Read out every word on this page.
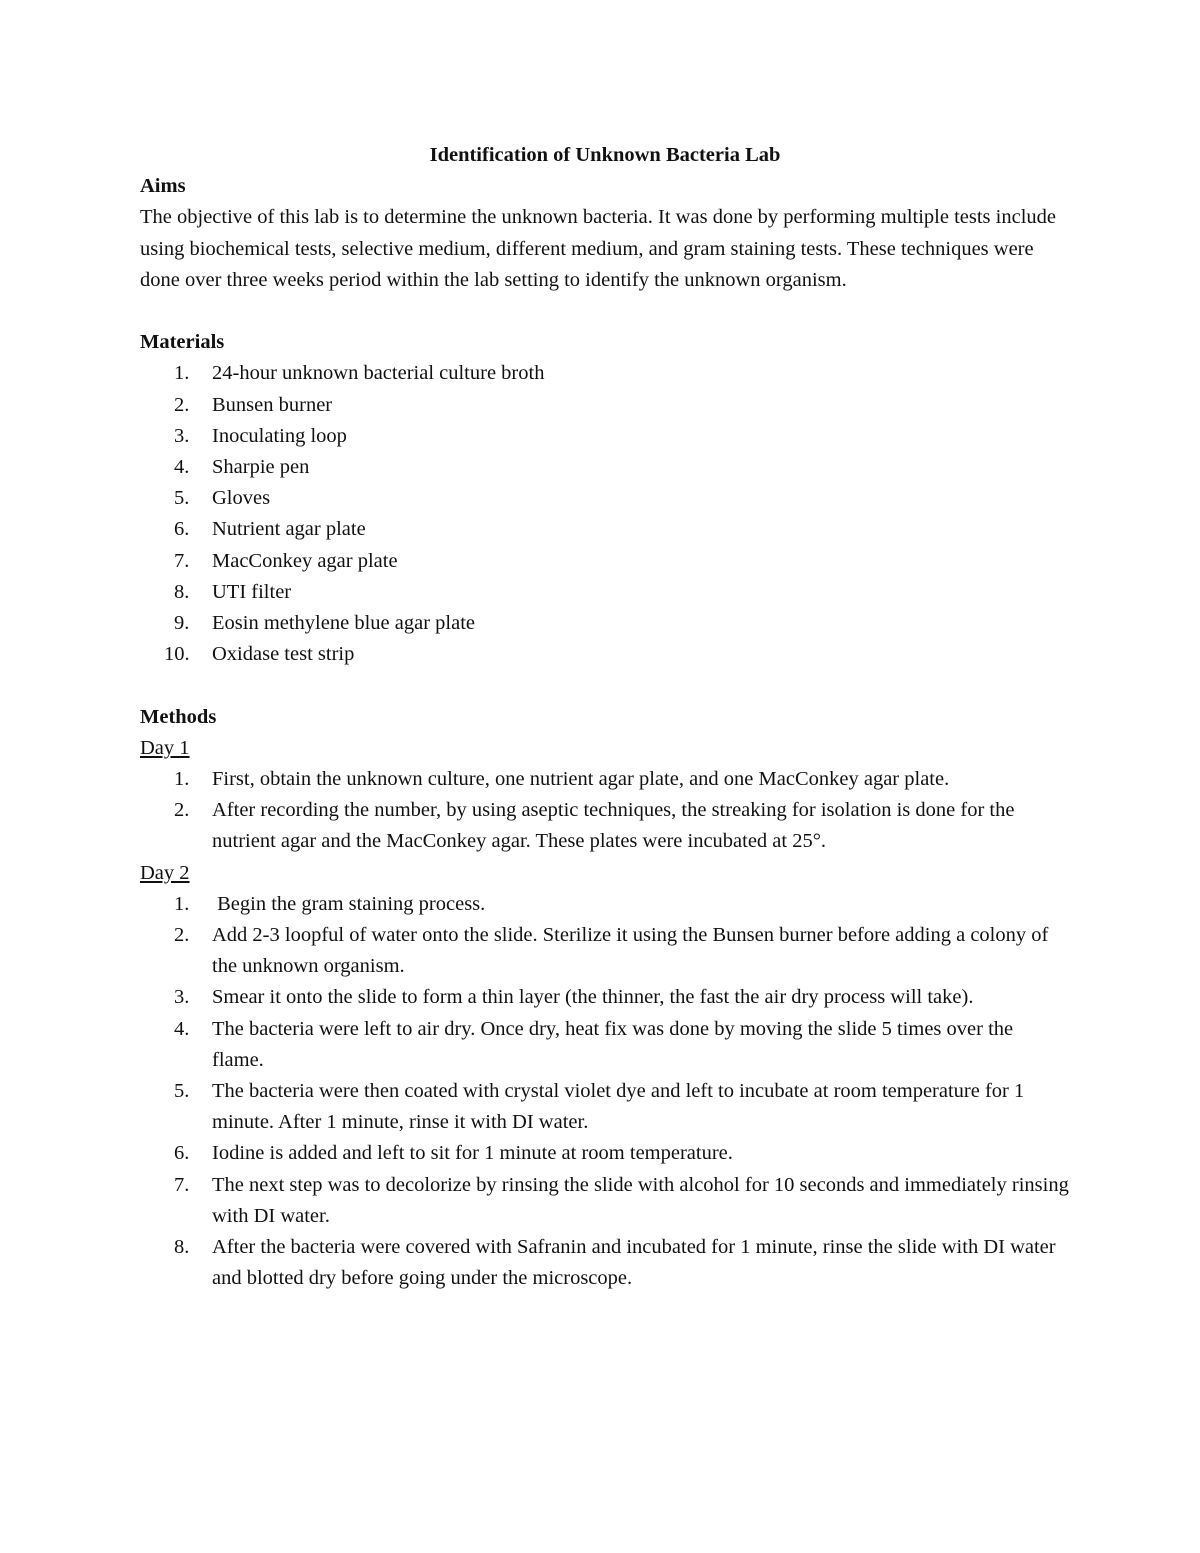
Identification of Unknown Bacteria Lab

Aims

The objective of this lab is to determine the unknown bacteria. It was done by performing multiple tests include using biochemical tests, selective medium, different medium, and gram staining tests. These techniques were done over three weeks period within the lab setting to identify the unknown organism.

Materials

1.	24-hour unknown bacterial culture broth
2.	Bunsen burner
3.	Inoculating loop
4.	Sharpie pen
5.	Gloves
6.	Nutrient agar plate
7.	MacConkey agar plate
8.	UTI filter
9.	Eosin methylene blue agar plate
10.	Oxidase test strip

Methods

Day 1

1.	First, obtain the unknown culture, one nutrient agar plate, and one MacConkey agar plate.
2.	After recording the number, by using aseptic techniques, the streaking for isolation is done for the nutrient agar and the MacConkey agar. These plates were incubated at 25°.

Day 2

1.	Begin the gram staining process.
2.	Add 2-3 loopful of water onto the slide. Sterilize it using the Bunsen burner before adding a colony of the unknown organism.
3.	Smear it onto the slide to form a thin layer (the thinner, the fast the air dry process will take).
4.	The bacteria were left to air dry. Once dry, heat fix was done by moving the slide 5 times over the flame.
5.	The bacteria were then coated with crystal violet dye and left to incubate at room temperature for 1 minute. After 1 minute, rinse it with DI water.
6.	Iodine is added and left to sit for 1 minute at room temperature.
7.	The next step was to decolorize by rinsing the slide with alcohol for 10 seconds and immediately rinsing with DI water.
8.	After the bacteria were covered with Safranin and incubated for 1 minute, rinse the slide with DI water and blotted dry before going under the microscope.
